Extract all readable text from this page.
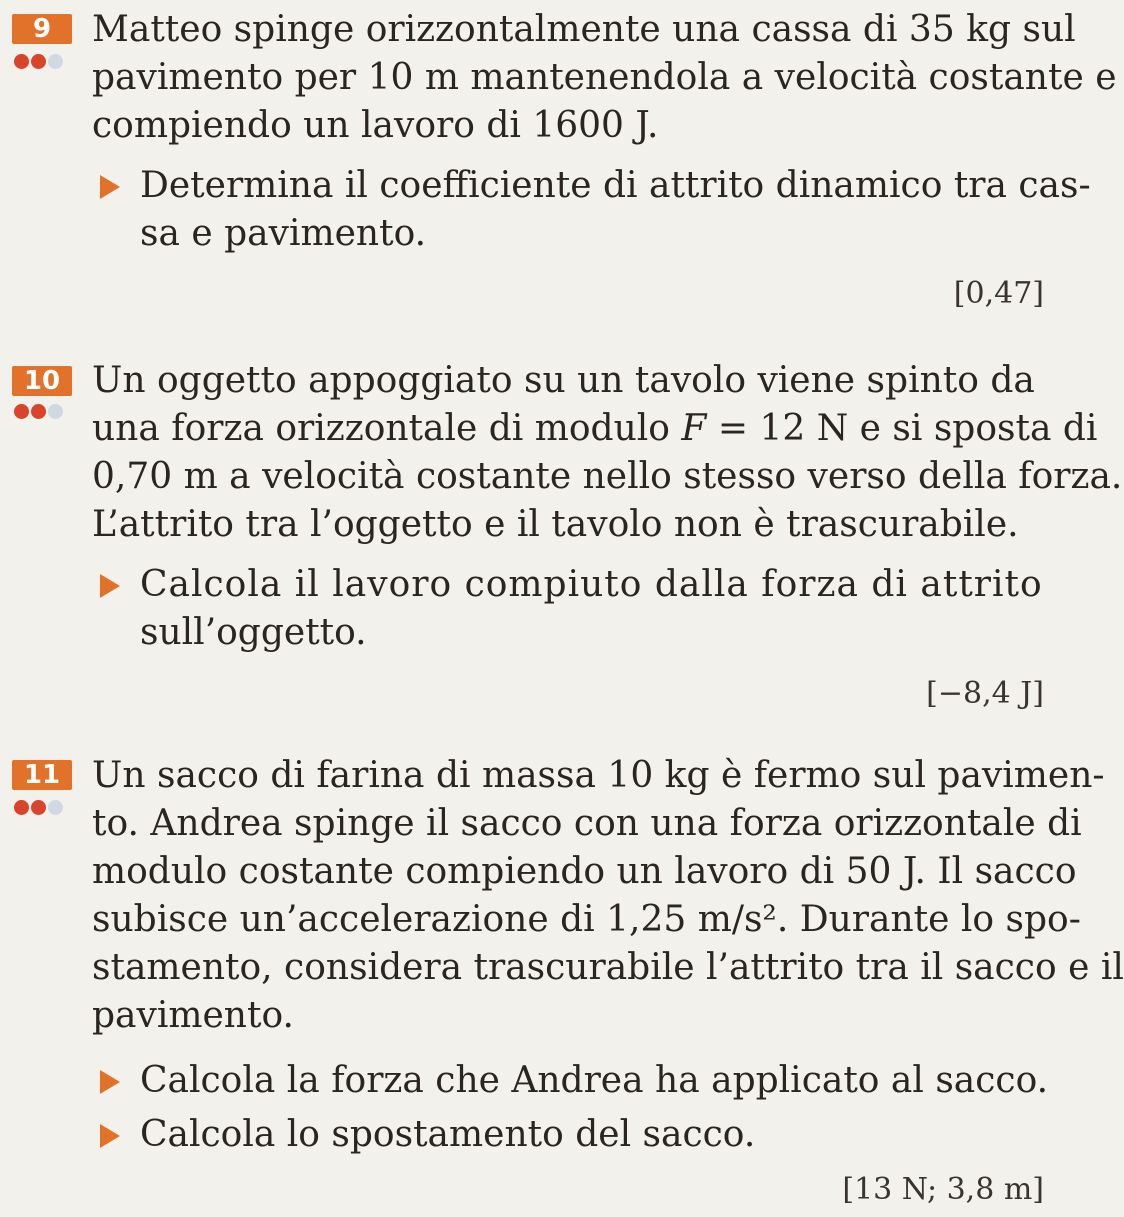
9	Matteo spinge orizzontalmente una cassa di 35 kg sul
pavimento per 10 m mantenendola a velocità costante e
compiendo un lavoro di 1600 J.
Determina il coefficiente di attrito dinamico tra cas-
sa e pavimento.
[0,47]
10 Un oggetto appoggiato su un tavolo viene spinto da
una forza orizzontale di modulo F = 12 N e si sposta di
0,70 m a velocità costante nello stesso verso della forza.
L’attrito tra l’oggetto e il tavolo non è trascurabile.
Calcola il lavoro compiuto dalla forza di attrito
sull’oggetto.
[−8,4 J]
11 Un sacco di farina di massa 10 kg è fermo sul pavimen-
to. Andrea spinge il sacco con una forza orizzontale di
modulo costante compiendo un lavoro di 50 J. Il sacco
subisce un’accelerazione di 1,25 m/s². Durante lo spo-
stamento, considera trascurabile l’attrito tra il sacco e il
pavimento.
Calcola la forza che Andrea ha applicato al sacco.
Calcola lo spostamento del sacco.
[13 N; 3,8 m]
